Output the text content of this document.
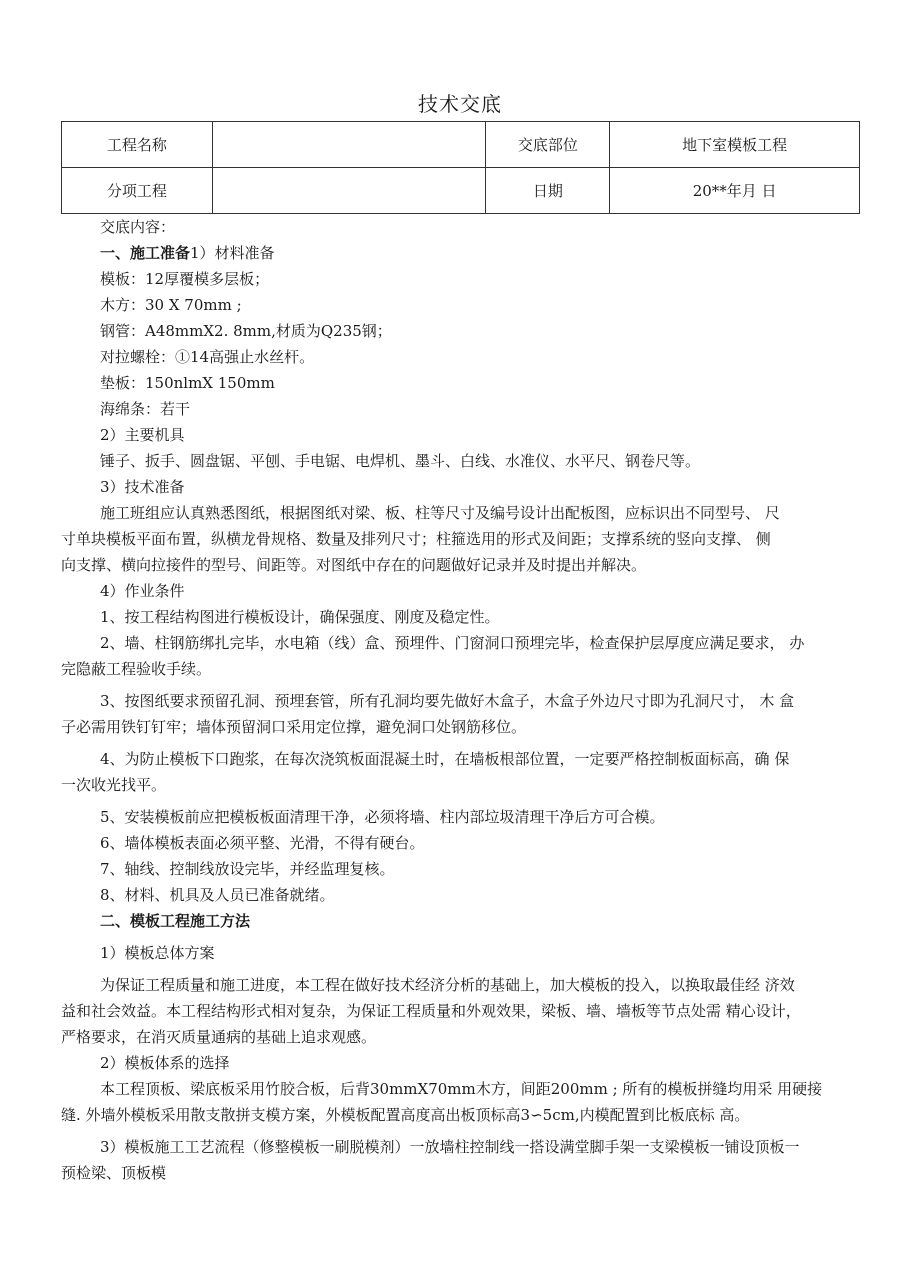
技术交底
工程名称		交底部位	地下室模板工程
分项工程		日期	20**年月 日
交底内容：
一、施工准备1）材料准备
模板：12厚覆模多层板；
木方：30 X 70mm ;
钢管：A48mmX2. 8mm,材质为Q235钢；
对拉螺栓：①14高强止水丝杆。
垫板：150nlmX 150mm
海绵条：若干
2）主要机具
锤子、扳手、圆盘锯、平刨、手电锯、电焊机、墨斗、白线、水准仪、水平尺、钢卷尺等。
3）技术准备
施工班组应认真熟悉图纸，根据图纸对梁、板、柱等尺寸及编号设计出配板图，应标识出不同型号、 尺
寸单块模板平面布置，纵横龙骨规格、数量及排列尺寸；柱箍选用的形式及间距；支撑系统的竖向支撑、 侧
向支撑、横向拉接件的型号、间距等。对图纸中存在的问题做好记录并及时提出并解决。
4）作业条件
1、按工程结构图进行模板设计，确保强度、刚度及稳定性。
2、墙、柱钢筋绑扎完毕，水电箱（线）盒、预埋件、门窗洞口预埋完毕，检查保护层厚度应满足要求， 办
完隐蔽工程验收手续。
3、按图纸要求预留孔洞、预埋套管，所有孔洞均要先做好木盒子，木盒子外边尺寸即为孔洞尺寸， 木 盒
子必需用铁钉钉牢；墙体预留洞口采用定位撑，避免洞口处钢筋移位。
4、为防止模板下口跑浆，在每次浇筑板面混凝土时，在墙板根部位置，一定要严格控制板面标高，确 保
一次收光找平。
5、安装模板前应把模板板面清理干净，必须将墙、柱内部垃圾清理干净后方可合模。
6、墙体模板表面必须平整、光滑，不得有硬台。
7、轴线、控制线放设完毕，并经监理复核。
8、材料、机具及人员已准备就绪。
二、模板工程施工方法
1）模板总体方案
为保证工程质量和施工进度，本工程在做好技术经济分析的基础上，加大模板的投入，以换取最佳经 济效
益和社会效益。本工程结构形式相对复杂，为保证工程质量和外观效果，梁板、墙、墙板等节点处需 精心设计，
严格要求，在消灭质量通病的基础上追求观感。
2）模板体系的选择
本工程顶板、梁底板采用竹胶合板，后背30mmX70mm木方，间距200mm ; 所有的模板拼缝均用采 用硬接
缝. 外墙外模板采用散支散拼支模方案，外模板配置高度高出板顶标高3∽5cm,内模配置到比板底标 高。
3）模板施工工艺流程（修整模板一刷脱模剂）一放墙柱控制线一搭设满堂脚手架一支梁模板一铺设顶板一
预检梁、顶板模
